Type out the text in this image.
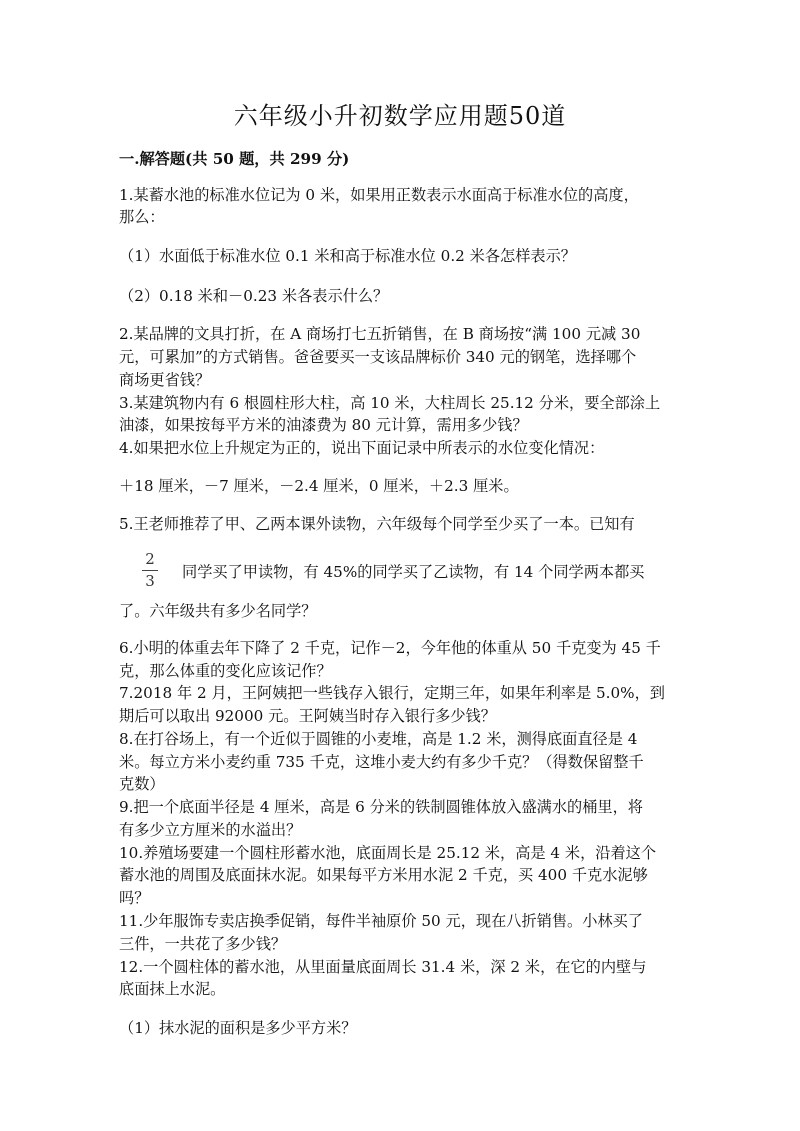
六年级小升初数学应用题50道
一.解答题(共 50 题，共 299 分)
1.某蓄水池的标准水位记为 0 米，如果用正数表示水面高于标准水位的高度，
那么：
（1）水面低于标准水位 0.1 米和高于标准水位 0.2 米各怎样表示？
（2）0.18 米和－0.23 米各表示什么？
2.某品牌的文具打折，在 A 商场打七五折销售，在 B 商场按“满 100 元减 30
元，可累加”的方式销售。爸爸要买一支该品牌标价 340 元的钢笔，选择哪个
商场更省钱？
3.某建筑物内有 6 根圆柱形大柱，高 10 米，大柱周长 25.12 分米，要全部涂上
油漆，如果按每平方米的油漆费为 80 元计算，需用多少钱？
4.如果把水位上升规定为正的，说出下面记录中所表示的水位变化情况：
＋18 厘米，－7 厘米，－2.4 厘米，0 厘米，＋2.3 厘米。
5.王老师推荐了甲、乙两本课外读物，六年级每个同学至少买了一本。已知有
2
3	同学买了甲读物，有 45%的同学买了乙读物，有 14 个同学两本都买
了。六年级共有多少名同学？
6.小明的体重去年下降了 2 千克，记作－2，今年他的体重从 50 千克变为 45 千
克，那么体重的变化应该记作？
7.2018 年 2 月，王阿姨把一些钱存入银行，定期三年，如果年利率是 5.0%，到
期后可以取出 92000 元。王阿姨当时存入银行多少钱？
8.在打谷场上，有一个近似于圆锥的小麦堆，高是 1.2 米，测得底面直径是 4
米。每立方米小麦约重 735 千克，这堆小麦大约有多少千克？（得数保留整千
克数）
9.把一个底面半径是 4 厘米，高是 6 分米的铁制圆锥体放入盛满水的桶里，将
有多少立方厘米的水溢出？
10.养殖场要建一个圆柱形蓄水池，底面周长是 25.12 米，高是 4 米，沿着这个
蓄水池的周围及底面抹水泥。如果每平方米用水泥 2 千克，买 400 千克水泥够
吗？
11.少年服饰专卖店换季促销，每件半袖原价 50 元，现在八折销售。小林买了
三件，一共花了多少钱？
12.一个圆柱体的蓄水池，从里面量底面周长 31.4 米，深 2 米，在它的内壁与
底面抹上水泥。
（1）抹水泥的面积是多少平方米？
